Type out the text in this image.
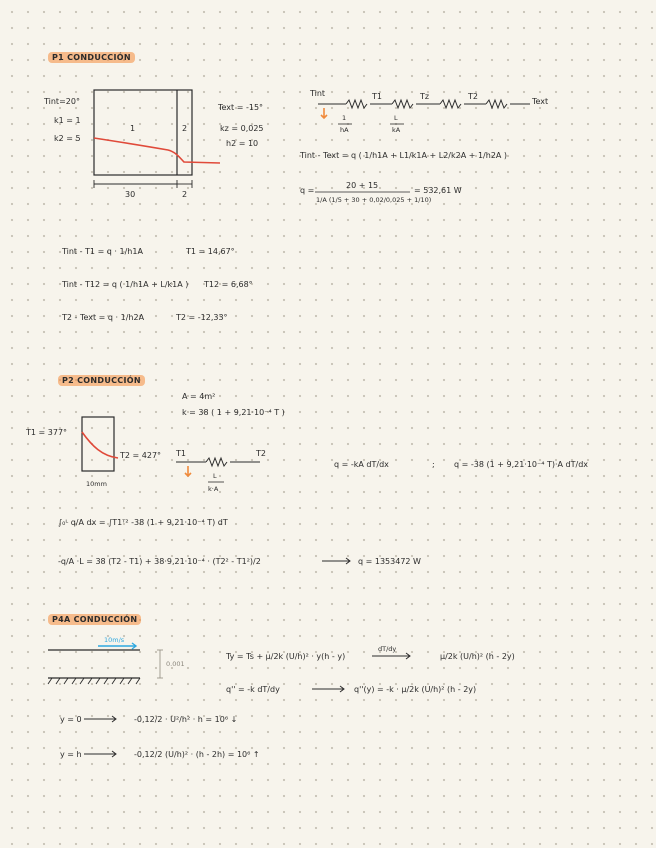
P1 CONDUCCIÓN
Tint=20°
k1 = 1
k2 = 5
1	2
30	2
Text = -15°
kz = 0,025
h2 = 10
Tint	T1	Tz	T2
Text
1
hA
L
kA
Tint - Text = q ( 1/h1A + L1/k1A + L2/k2A + 1/h2A )
20 + 15
q =
1/A (1/5 + 30 + 0,02/0,025 + 1/10)
= 532,61 W
Tint - T1 = q · 1/h1A	T1 = 14,67°
Tint - T12 = q ( 1/h1A + L/k1A ) T12 = 6,68°
T2 - Text = q · 1/h2A	T2 = -12,33°
P2 CONDUCCIÓN
A = 4m²
k = 38 ( 1 + 9,21·10⁻⁴ T )
T1 = 377°
T2 = 427°
10mm
T1	T2
L
k·A
q = -kA dT/dx	; q = -38 (1 + 9,21·10⁻⁴ T)·A dT/dx
∫₀ᴸ q/A dx = ∫T1ᵀ² -38 (1 + 9,21·10⁻⁴ T) dT
-q/A ·L = 38 (T2 - T1) + 38·9,21·10⁻⁴ · (T2² - T1²)/2	q = 1353472 W
P4A CONDUCCIÓN
10m/s
0.001
Ty = Ts + μ/2k (U/h)² · y(h - y)
dT/dy
μ/2k (U/h)² (h - 2y)
q'' = -k dT/dy	q''(y) = -k · μ/2k (U/h)² (h - 2y)
y = 0	-0,12/2 · U²/h² · h = 10⁶ ↓
y = h	-0,12/2 (U/h)² · (h - 2h) = 10⁶ ↑
